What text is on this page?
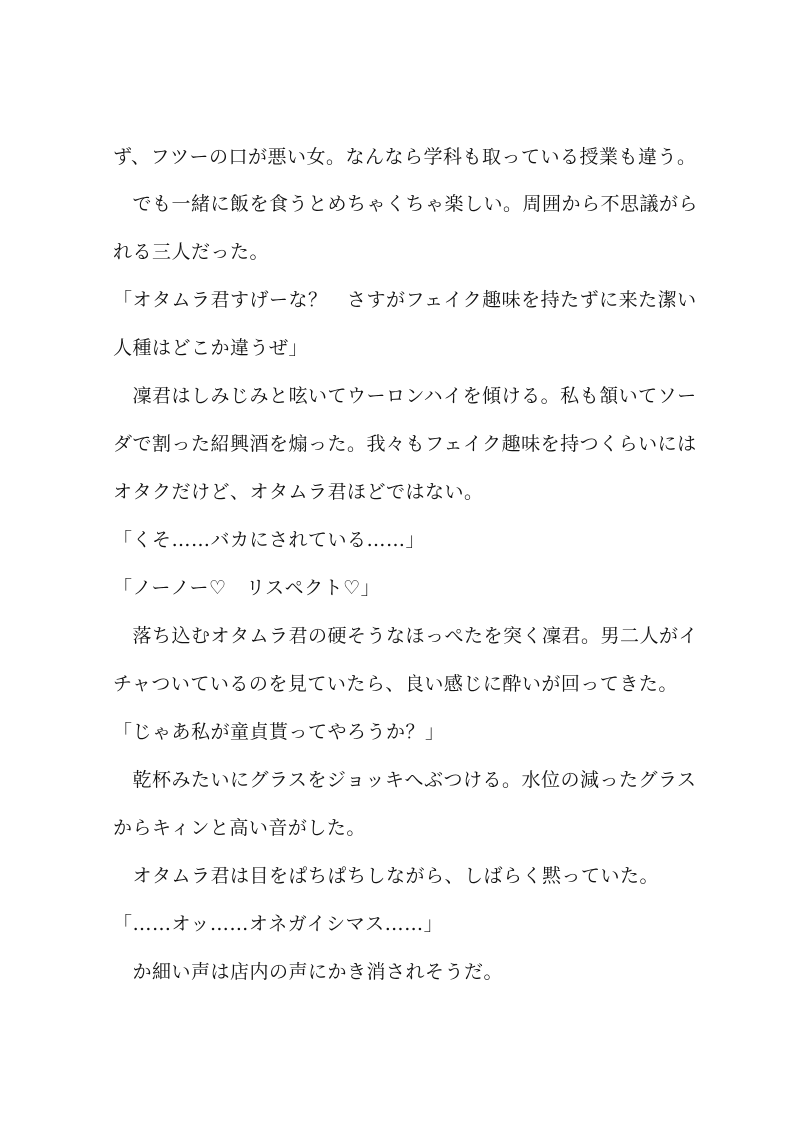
ず、フツーの口が悪い女。なんなら学科も取っている授業も違う。

　でも一緒に飯を食うとめちゃくちゃ楽しい。周囲から不思議がら

れる三人だった。

「オタムラ君すげーな？　さすがフェイク趣味を持たずに来た潔い

人種はどこか違うぜ」

　凜君はしみじみと呟いてウーロンハイを傾ける。私も頷いてソー

ダで割った紹興酒を煽った。我々もフェイク趣味を持つくらいには

オタクだけど、オタムラ君ほどではない。

「くそ……バカにされている……」

「ノーノー♡　リスペクト♡」

　落ち込むオタムラ君の硬そうなほっぺたを突く凜君。男二人がイ

チャついているのを見ていたら、良い感じに酔いが回ってきた。

「じゃあ私が童貞貰ってやろうか？」

　乾杯みたいにグラスをジョッキへぶつける。水位の減ったグラス

からキィンと高い音がした。

　オタムラ君は目をぱちぱちしながら、しばらく黙っていた。

「……オッ……オネガイシマス……」

　か細い声は店内の声にかき消されそうだ。
